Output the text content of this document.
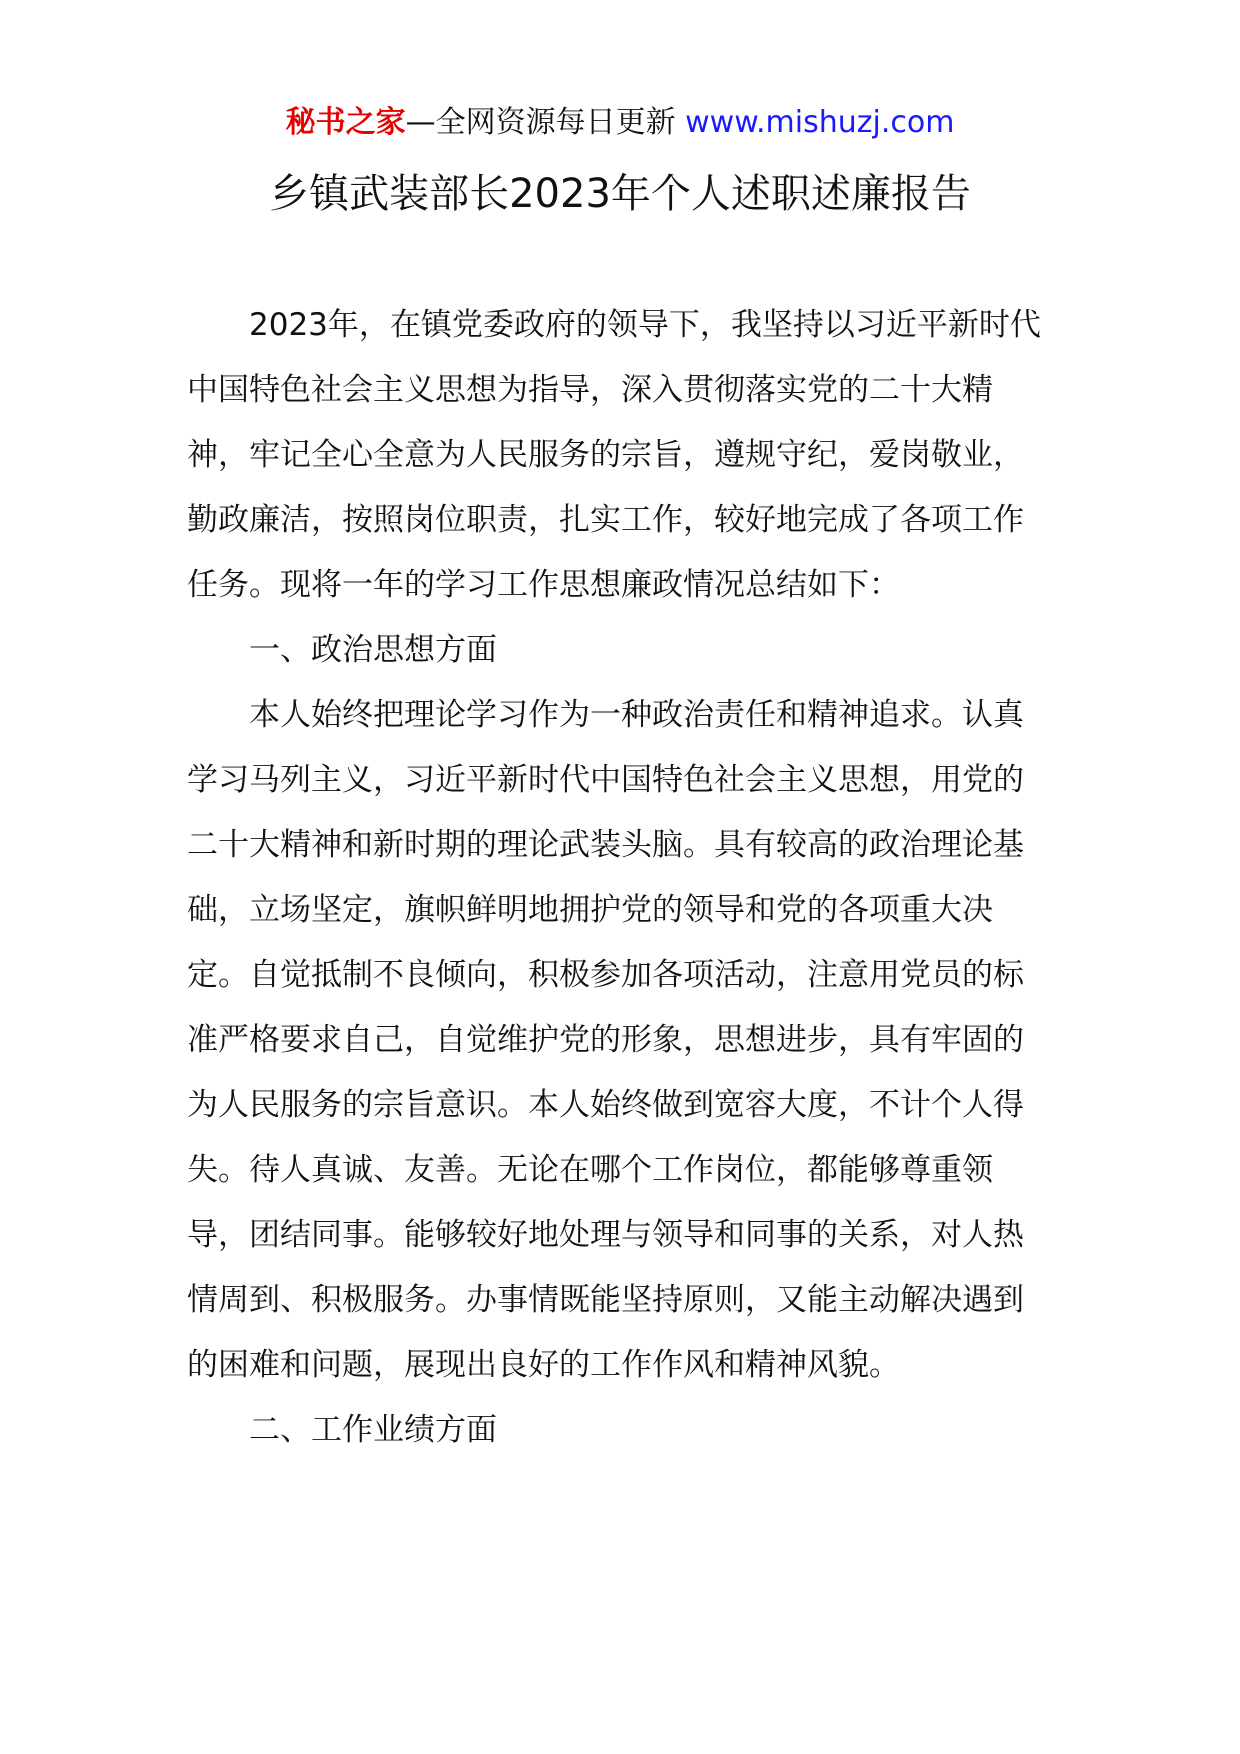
秘书之家—全网资源每日更新 www.mishuzj.com
乡镇武装部长2023年个人述职述廉报告

2023年，在镇党委政府的领导下，我坚持以习近平新时代中国特色社会主义思想为指导，深入贯彻落实党的二十大精神，牢记全心全意为人民服务的宗旨，遵规守纪，爱岗敬业，勤政廉洁，按照岗位职责，扎实工作，较好地完成了各项工作任务。现将一年的学习工作思想廉政情况总结如下：

一、政治思想方面

本人始终把理论学习作为一种政治责任和精神追求。认真学习马列主义，习近平新时代中国特色社会主义思想，用党的二十大精神和新时期的理论武装头脑。具有较高的政治理论基础，立场坚定，旗帜鲜明地拥护党的领导和党的各项重大决定。自觉抵制不良倾向，积极参加各项活动，注意用党员的标准严格要求自己，自觉维护党的形象，思想进步，具有牢固的为人民服务的宗旨意识。本人始终做到宽容大度，不计个人得失。待人真诚、友善。无论在哪个工作岗位，都能够尊重领导，团结同事。能够较好地处理与领导和同事的关系，对人热情周到、积极服务。办事情既能坚持原则，又能主动解决遇到的困难和问题，展现出良好的工作作风和精神风貌。

二、工作业绩方面
